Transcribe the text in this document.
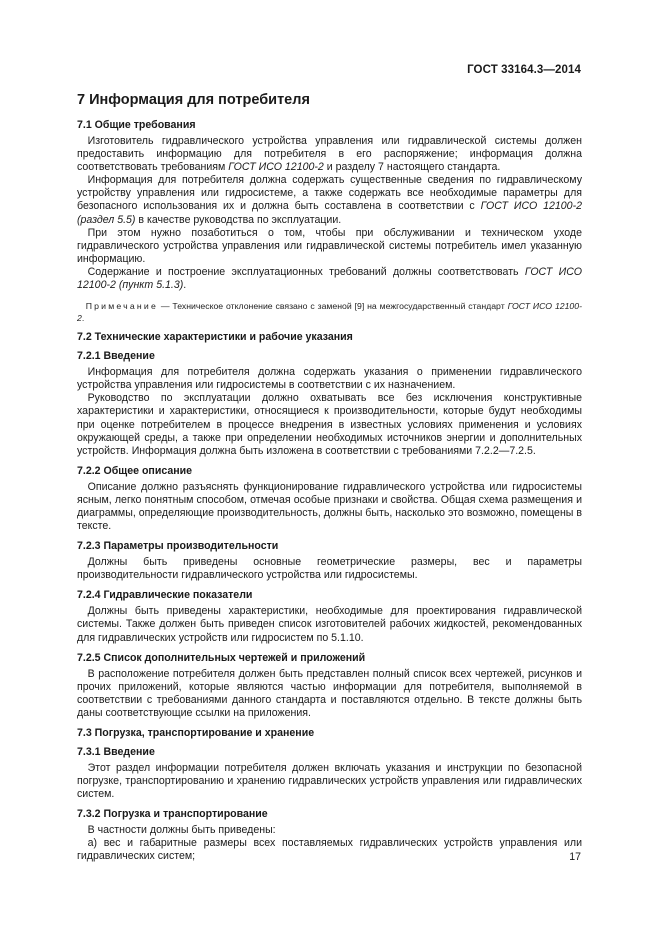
ГОСТ 33164.3—2014
7 Информация для потребителя
7.1 Общие требования

 Изготовитель гидравлического устройства управления или гидравлической системы должен предоставить информацию для потребителя в его распоряжение; информация должна соответствовать требованиям ГОСТ ИСО 12100-2 и разделу 7 настоящего стандарта.

 Информация для потребителя должна содержать существенные сведения по гидравлическому устройству управления или гидросистеме, а также содержать все необходимые параметры для безопасного использования их и должна быть составлена в соответствии с ГОСТ ИСО 12100-2 (раздел 5.5) в качестве руководства по эксплуатации.

 При этом нужно позаботиться о том, чтобы при обслуживании и техническом уходе гидравлического устройства управления или гидравлической системы потребитель имел указанную информацию.

 Содержание и построение эксплуатационных требований должны соответствовать ГОСТ ИСО 12100-2 (пункт 5.1.3).

 Примечание — Техническое отклонение связано с заменой [9] на межгосударственный стандарт ГОСТ ИСО 12100-2.

7.2 Технические характеристики и рабочие указания
7.2.1 Введение

 Информация для потребителя должна содержать указания о применении гидравлического устройства управления или гидросистемы в соответствии с их назначением.

 Руководство по эксплуатации должно охватывать все без исключения конструктивные характеристики и характеристики, относящиеся к производительности, которые будут необходимы при оценке потребителем в процессе внедрения в известных условиях применения и условиях окружающей среды, а также при определении необходимых источников энергии и дополнительных устройств. Информация должна быть изложена в соответствии с требованиями 7.2.2—7.2.5.

7.2.2 Общее описание

 Описание должно разъяснять функционирование гидравлического устройства или гидросистемы ясным, легко понятным способом, отмечая особые признаки и свойства. Общая схема размещения и диаграммы, определяющие производительность, должны быть, насколько это возможно, помещены в тексте.

7.2.3 Параметры производительности

 Должны быть приведены основные геометрические размеры, вес и параметры производительности гидравлического устройства или гидросистемы.

7.2.4 Гидравлические показатели

 Должны быть приведены характеристики, необходимые для проектирования гидравлической системы. Также должен быть приведен список изготовителей рабочих жидкостей, рекомендованных для гидравлических устройств или гидросистем по 5.1.10.

7.2.5 Список дополнительных чертежей и приложений

 В расположение потребителя должен быть представлен полный список всех чертежей, рисунков и прочих приложений, которые являются частью информации для потребителя, выполняемой в соответствии с требованиями данного стандарта и поставляются отдельно. В тексте должны быть даны соответствующие ссылки на приложения.

7.3 Погрузка, транспортирование и хранение
7.3.1 Введение

 Этот раздел информации потребителя должен включать указания и инструкции по безопасной погрузке, транспортированию и хранению гидравлических устройств управления или гидравлических систем.

7.3.2 Погрузка и транспортирование

 В частности должны быть приведены:

 а) вес и габаритные размеры всех поставляемых гидравлических устройств управления или гидравлических систем;	17
